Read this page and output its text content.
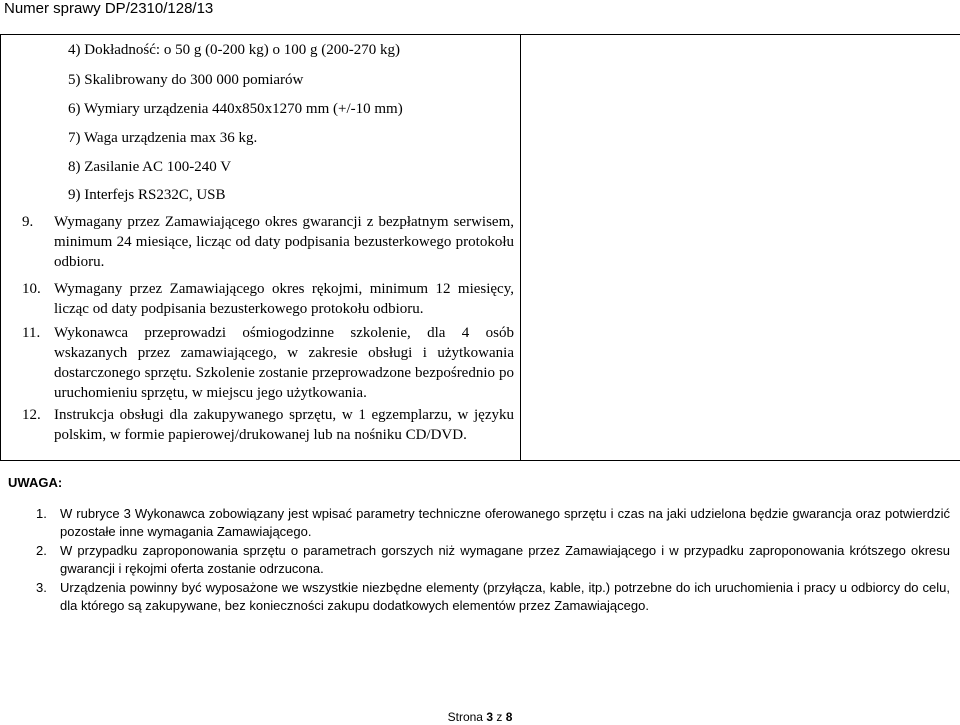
Numer sprawy DP/2310/128/13
4) Dokładność: o 50 g (0-200 kg) o 100 g (200-270 kg)
5) Skalibrowany do 300 000 pomiarów
6) Wymiary urządzenia 440x850x1270 mm (+/-10 mm)
7) Waga urządzenia max 36 kg.
8) Zasilanie AC 100-240 V
9) Interfejs RS232C, USB
9.	Wymagany przez Zamawiającego okres gwarancji z bezpłatnym serwisem, minimum 24 miesiące, licząc od daty podpisania bezusterkowego protokołu odbioru.
10. Wymagany przez Zamawiającego okres rękojmi, minimum 12 miesięcy, licząc od daty podpisania bezusterkowego protokołu odbioru.
11. Wykonawca przeprowadzi ośmiogodzinne szkolenie, dla 4 osób wskazanych przez zamawiającego, w zakresie obsługi i użytkowania dostarczonego sprzętu. Szkolenie zostanie przeprowadzone bezpośrednio po uruchomieniu sprzętu, w miejscu jego użytkowania.
12. Instrukcja obsługi dla zakupywanego sprzętu, w 1 egzemplarzu, w języku polskim, w formie papierowej/drukowanej lub na nośniku CD/DVD.
UWAGA:
1.	W rubryce 3 Wykonawca zobowiązany jest wpisać parametry techniczne oferowanego sprzętu i czas na jaki udzielona będzie gwarancja oraz potwierdzić pozostałe inne wymagania Zamawiającego.
2.	W przypadku zaproponowania sprzętu o parametrach gorszych niż wymagane przez Zamawiającego i w przypadku zaproponowania krótszego okresu gwarancji i rękojmi oferta zostanie odrzucona.
3.	Urządzenia powinny być wyposażone we wszystkie niezbędne elementy (przyłącza, kable, itp.) potrzebne do ich uruchomienia i pracy u odbiorcy do celu, dla którego są zakupywane, bez konieczności zakupu dodatkowych elementów przez Zamawiającego.
Strona 3 z 8
